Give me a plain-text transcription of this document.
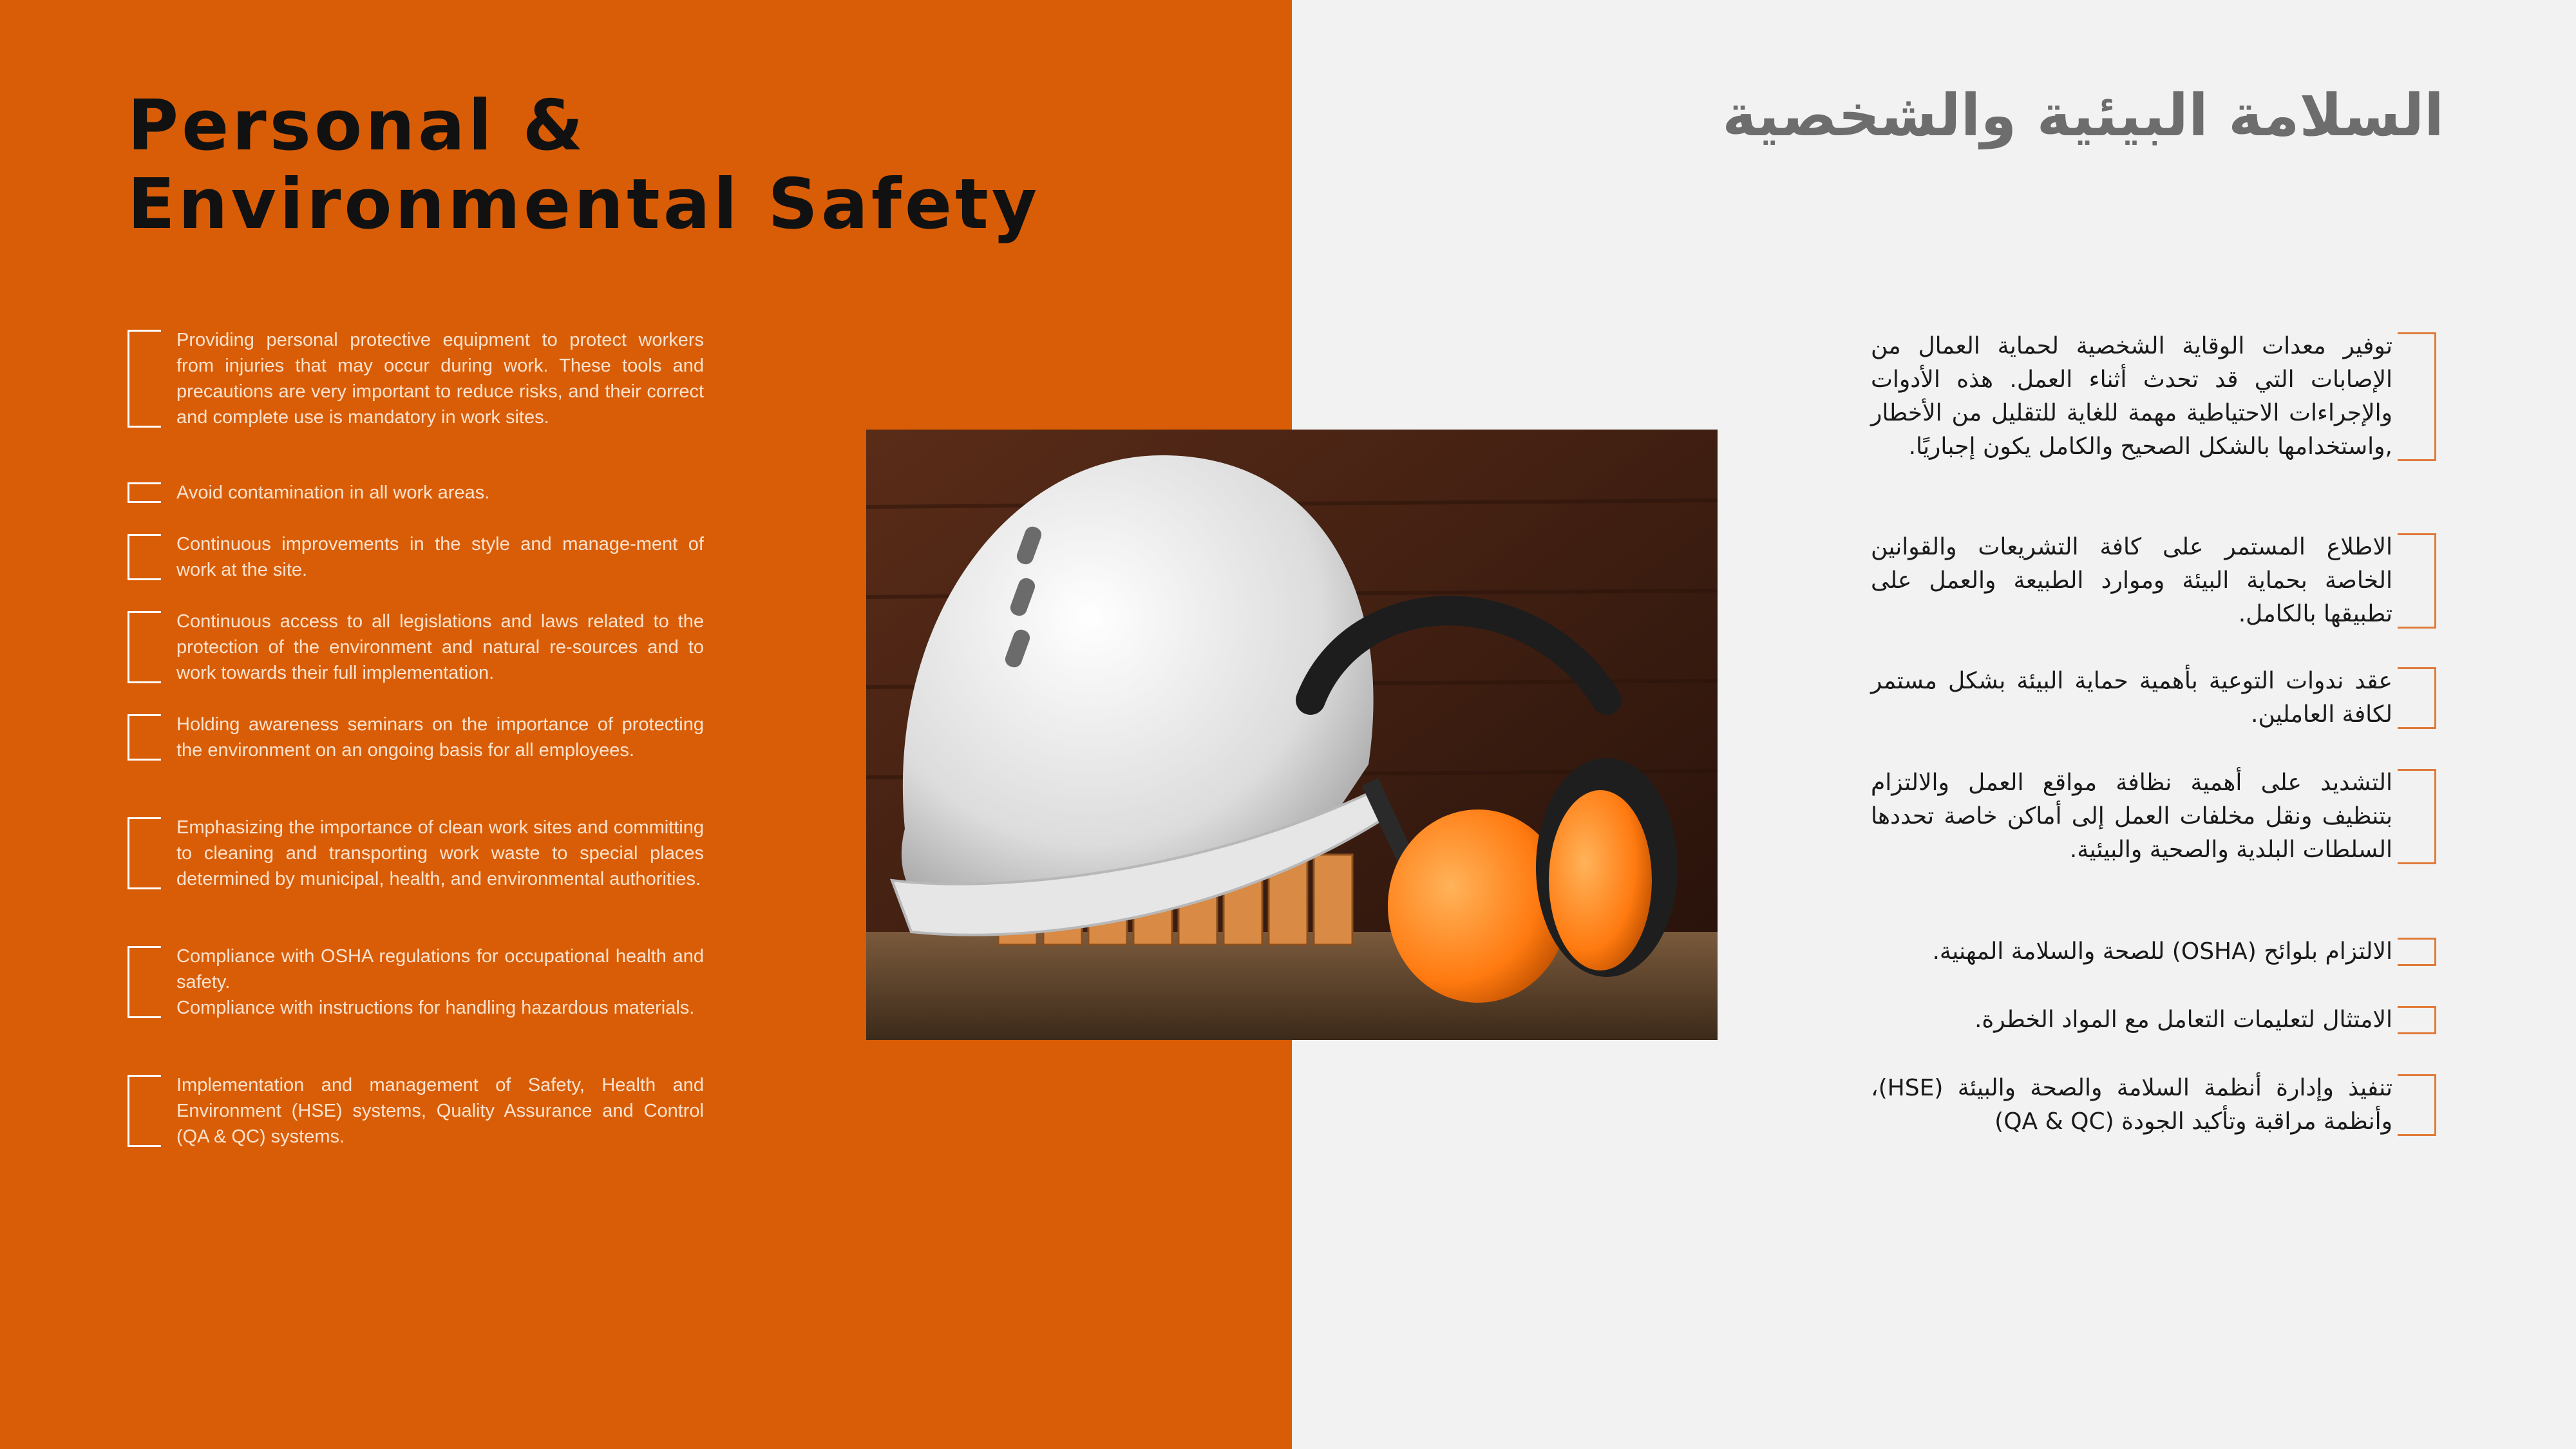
Personal & Environmental Safety

Providing personal protective equipment to protect workers from injuries that may occur during work. These tools and precautions are very important to reduce risks, and their correct and complete use is mandatory in work sites.

Avoid contamination in all work areas.

Continuous improvements in the style and manage-ment of work at the site.

Continuous access to all legislations and laws related to the protection of the environment and natural re-sources and to work towards their full implementation.

Holding awareness seminars on the importance of protecting the environment on an ongoing basis for all employees.

Emphasizing the importance of clean work sites and committing to cleaning and transporting work waste to special places determined by municipal, health, and environmental authorities.

Compliance with OSHA regulations for occupational health and safety.
Compliance with instructions for handling hazardous materials.

Implementation and management of Safety, Health and Environment (HSE) systems, Quality Assurance and Control (QA & QC) systems.

السلامة البيئية والشخصية

توفير معدات الوقاية الشخصية لحماية العمال من الإصابات التي قد تحدث أثناء العمل. هذه الأدوات والإجراءات الاحتياطية مهمة للغاية للتقليل من الأخطار ,واستخدامها بالشكل الصحيح والكامل يكون إجباريًا.

الاطلاع المستمر على كافة التشريعات والقوانين الخاصة بحماية البيئة وموارد الطبيعة والعمل على تطبيقها بالكامل.

عقد ندوات التوعية بأهمية حماية البيئة بشكل مستمر لكافة العاملين.

التشديد على أهمية نظافة مواقع العمل والالتزام بتنظيف ونقل مخلفات العمل إلى أماكن خاصة تحددها السلطات البلدية والصحية والبيئية.

الالتزام بلوائح (OSHA) للصحة والسلامة المهنية.

الامتثال لتعليمات التعامل مع المواد الخطرة.

تنفيذ وإدارة أنظمة السلامة والصحة والبيئة (HSE)، وأنظمة مراقبة وتأكيد الجودة (QA & QC)
